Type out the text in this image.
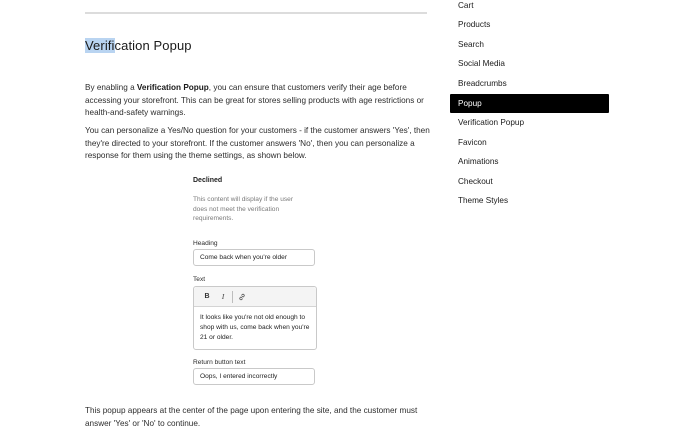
Verification Popup

By enabling a Verification Popup, you can ensure that customers verify their age before accessing your storefront. This can be great for stores selling products with age restrictions or health-and-safety warnings.

You can personalize a Yes/No question for your customers - if the customer answers 'Yes', then they're directed to your storefront. If the customer answers 'No', then you can personalize a response for them using the theme settings, as shown below.

Declined
This content will display if the user does not meet the verification requirements.
Heading
Come back when you're older
Text
B	I
It looks like you're not old enough to shop with us, come back when you're 21 or older.
Return button text
Oops, I entered incorrectly

This popup appears at the center of the page upon entering the site, and the customer must answer 'Yes' or 'No' to continue.

Cart
Products
Search
Social Media
Breadcrumbs
Popup
Verification Popup
Favicon
Animations
Checkout
Theme Styles
